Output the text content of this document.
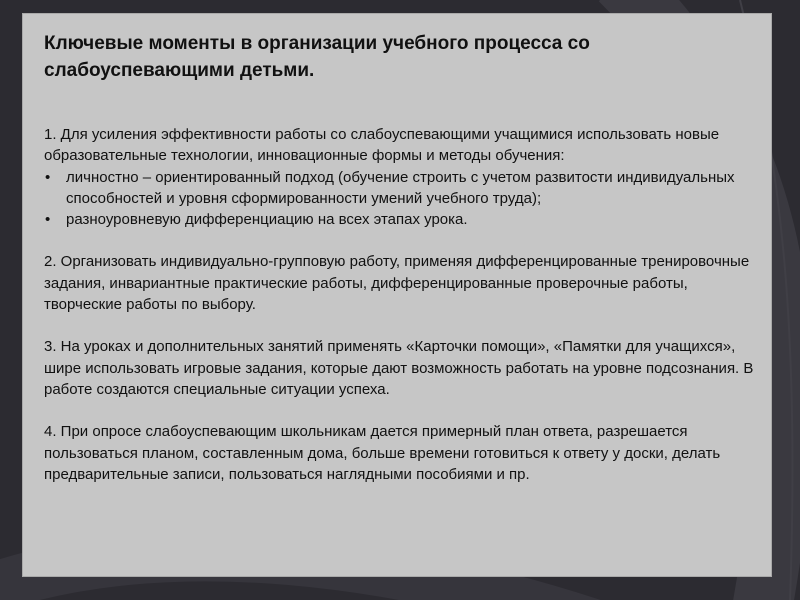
Ключевые моменты в организации учебного процесса со слабоуспевающими детьми.

1. Для усиления эффективности работы со слабоуспевающими учащимися использовать новые образовательные технологии, инновационные формы и методы обучения:

• личностно – ориентированный подход (обучение строить с учетом развитости индивидуальных способностей и уровня сформированности умений учебного труда);
• разноуровневую дифференциацию на всех этапах урока.

2. Организовать индивидуально-групповую работу, применяя дифференцированные тренировочные задания, инвариантные практические работы, дифференцированные проверочные работы, творческие работы по выбору.

3. На уроках и дополнительных занятий применять «Карточки помощи», «Памятки для учащихся», шире использовать игровые задания, которые дают возможность работать на уровне подсознания. В работе создаются специальные ситуации успеха.

4. При опросе слабоуспевающим школьникам дается примерный план ответа, разрешается пользоваться планом, составленным дома, больше времени готовиться к ответу у доски, делать предварительные записи, пользоваться наглядными пособиями и пр.
